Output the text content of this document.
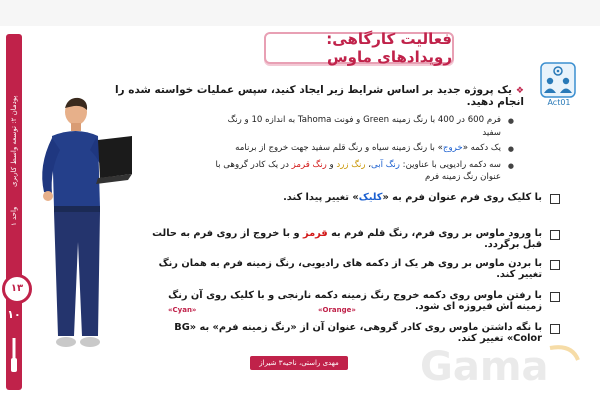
پودمان ۲: توسعه واسط کاربری
واحد ۱
۱۳
۱۰
فعالیت کارگاهی: رویدادهای ماوس
Act01
❖یک پروژه جدید بر اساس شرایط زیر ایجاد کنید، سپس عملیات خواسته شده را انجام دهید.
●
فرم 600 در 400 با رنگ زمینه Green و فونت Tahoma به اندازه 10 و رنگ سفید
●
یک دکمه «خروج» با رنگ زمینه سیاه و رنگ قلم سفید جهت خروج از برنامه
●
سه دکمه رادیویی با عناوین: رنگ آبی، رنگ زرد و رنگ قرمز در یک کادر گروهی با عنوان رنگ زمینه فرم
با کلیک روی فرم عنوان فرم به «کلیک» تغییر پیدا کند.
با ورود ماوس بر روی فرم، رنگ قلم فرم به قرمز و با خروج از روی فرم به حالت قبل برگردد.
با بردن ماوس بر روی هر یک از دکمه های رادیویی، رنگ زمینه فرم به همان رنگ تغییر کند.
با رفتن ماوس روی دکمه خروج رنگ زمینه دکمه نارنجی و با کلیک روی آن رنگ زمینه اش فیروزه ای شود.
با نگه داشتن ماوس روی کادر گروهی، عنوان آن از «رنگ زمینه فرم» به «BG Color» تغییر کند.
«Cyan»	«Orange»
مهدی راستی، ناحیه۳ شیراز Gama
